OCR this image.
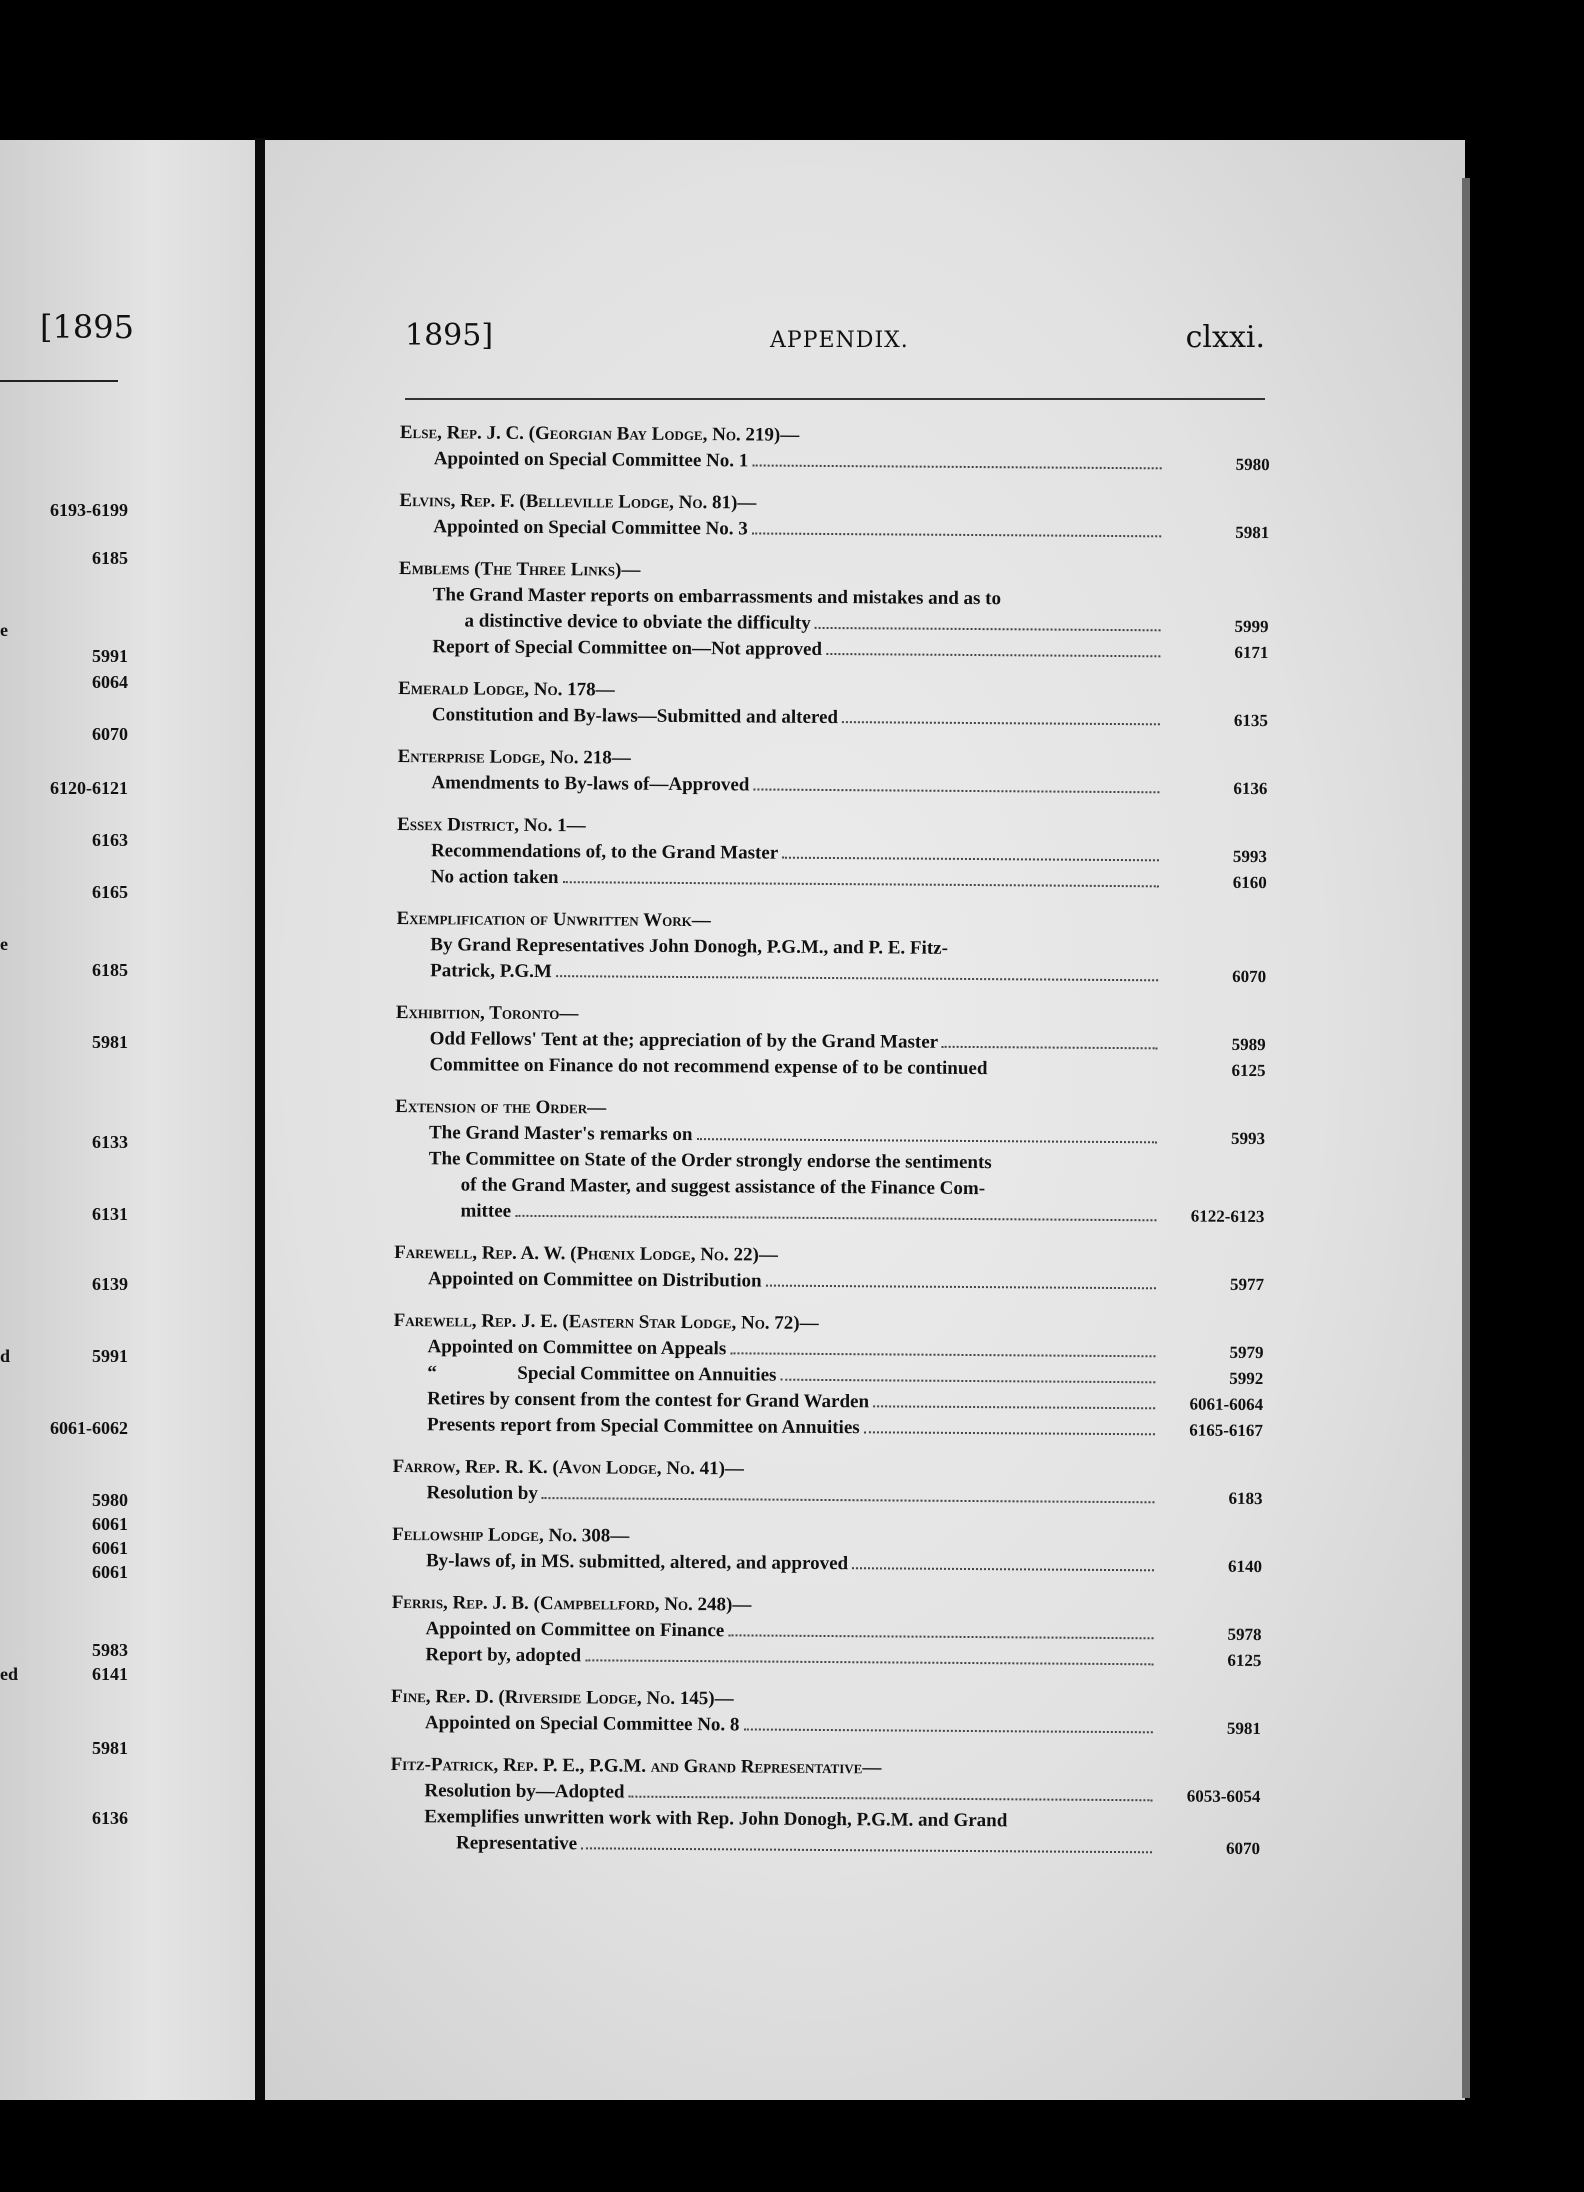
[1895
6193-6199
6185
5991
6064
6070
6120-6121
6163
6165
6185
5981
6133
6131
6139
5991
6061-6062
5980
6061
6061
6061
5983
6141
5981
6136
e
e
d
ed
1895]	APPENDIX.	clxxi.
Else, Rep. J. C. (Georgian Bay Lodge, No. 219)—
Appointed on Special Committee No. 1	5980
Elvins, Rep. F. (Belleville Lodge, No. 81)—
Appointed on Special Committee No. 3	5981
Emblems (The Three Links)—
The Grand Master reports on embarrassments and mistakes and as to
a distinctive device to obviate the difficulty	5999
Report of Special Committee on—Not approved	6171
Emerald Lodge, No. 178—
Constitution and By-laws—Submitted and altered	6135
Enterprise Lodge, No. 218—
Amendments to By-laws of—Approved	6136
Essex District, No. 1—
Recommendations of, to the Grand Master	5993
No action taken	6160
Exemplification of Unwritten Work—
By Grand Representatives John Donogh, P.G.M., and P. E. Fitz-
Patrick, P.G.M	6070
Exhibition, Toronto—
Odd Fellows' Tent at the; appreciation of by the Grand Master	5989
Committee on Finance do not recommend expense of to be continued	6125
Extension of the Order—
The Grand Master's remarks on	5993
The Committee on State of the Order strongly endorse the sentiments
of the Grand Master, and suggest assistance of the Finance Com-
mittee	6122-6123
Farewell, Rep. A. W. (Phœnix Lodge, No. 22)—
Appointed on Committee on Distribution	5977
Farewell, Rep. J. E. (Eastern Star Lodge, No. 72)—
Appointed on Committee on Appeals	5979
“	Special Committee on Annuities	5992
Retires by consent from the contest for Grand Warden	6061-6064
Presents report from Special Committee on Annuities	6165-6167
Farrow, Rep. R. K. (Avon Lodge, No. 41)—
Resolution by	6183
Fellowship Lodge, No. 308—
By-laws of, in MS. submitted, altered, and approved	6140
Ferris, Rep. J. B. (Campbellford, No. 248)—
Appointed on Committee on Finance	5978
Report by, adopted	6125
Fine, Rep. D. (Riverside Lodge, No. 145)—
Appointed on Special Committee No. 8	5981
Fitz-Patrick, Rep. P. E., P.G.M. and Grand Representative—
Resolution by—Adopted	6053-6054
Exemplifies unwritten work with Rep. John Donogh, P.G.M. and Grand
Representative	6070
